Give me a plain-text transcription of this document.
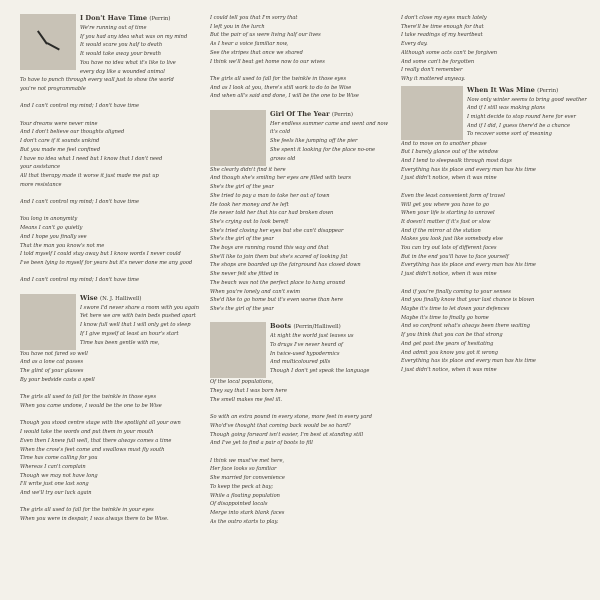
I Don't Have Time (Perrin)
We're running out of time
If you had any idea what was on my mind
It would scare you half to death
It would take away your breath
You have no idea what it's like to live
every day like a wounded animal
To have to punch through every wall just to show the world
you're not programmable

And I can't control my mind; I don't have time

Your dreams were never mine
And I don't believe our thoughts aligned
I don't care if it sounds unkind
But you made me feel confined
I have no idea what I need but I know that I don't need
your assistance
All that therapy made it worse it just made me put up
more resistance

And I can't control my mind; I don't have time

You long in anonymity
Means I can't go quietly
And I hope you finally see
That the man you know's not me
I told myself I could stay away but I know words I never could
I've been lying to myself for years but it's never done me any good

And I can't control my mind; I don't have time
Wise (N. J. Halliwell)
I swore I'd never share a room with you again
Yet here we are with twin beds pushed apart
I know full well that I will only get to sleep
If I give myself at least an hour's start
Time has been gentle with me,
You have not fared so well
And as a lone cat passes
The glint of your glasses
By your bedside casts a spell

The girls all used to fall for the twinkle in those eyes
When you came undone, I would be the one to be Wise

Though you stood centre stage with the spotlight all your own
I would take the words and put them in your mouth
Even then I knew full well, that there always comes a time
When the crow's feet come and swallows must fly south
Time has come calling for you
Whereas I can't complain
Though we may not have long
I'll write just one last song
And we'll try our luck again

The girls all used to fall for the twinkle in your eyes
When you were in despair, I was always there to be Wise.
I could tell you that I'm sorry that
I left you in the lurch
But the pair of us were living half our lives
As I hear a voice familiar now,
See the stripes that once we shared
I think we'll beat get home now to our wives

The girls all used to fall for the twinkle in those eyes
And as I look at you, there's still work to do to be Wise
And when all's said and done, I will be the one to be Wise
Girl Of The Year (Perrin)
Her endless summer came and went and now
it's cold
She feels like jumping off the pier
She spent it looking for the place no-one
grows old
She clearly didn't find it here
And though she's smiling her eyes are filled with tears
She's the girl of the year
She tried to pay a man to take her out of town
He took her money and he left
He never told her that his car had broken down
She's crying out to look bereft
She's tried closing her eyes but she can't disappear
She's the girl of the year
The boys are running round this way and that
She'll like to join them but she's scared of looking fat
The shops are boarded up the fairground has closed down
She never felt she fitted in
The beach was not the perfect place to hang around
When you're lonely and can't swim
She'd like to go home but it's even worse than here
She's the girl of the year
Boots (Perrin/Halliwell)
At night the world just leaves us
To drugs I've never heard of
In twice-used hypodermics
And multicoloured pills
Though I don't yet speak the language
Of the local populations,
They say that I was born here
The smell makes me feel ill.

So with an extra pound in every stone, more feet in every yard
Who'd've thought that coming back would be so hard?
Though going forward isn't easier, I'm best at standing still
And I've yet to find a pair of boots to fill

I think we must've met here,
Her face looks so familiar
She married for convenience
To keep the peck at bay;
While a floating population
Of disappointed locals
Merge into stark blank faces
As the outro starts to play.
I don't close my eyes much lately
There'll be time enough for that
I take readings of my heartbeat
Every day.
Although some acts can't be forgiven
And some can't be forgotten
I really don't remember
Why it mattered anyway.
When It Was Mine (Perrin)
Now only winter seems to bring good weather
And if I still was making plans
I might decide to stop round here for ever
And if I did, I guess there'd be a chance
To recover some sort of meaning
And to move on to another phase
But I barely glance out of the window
And I tend to sleepwalk through most days
Everything has its place and every man has his time
I just didn't notice, when it was mine

Even the least convenient form of travel
Will get you where you have to go
When your life is starting to unravel
It doesn't matter if it's fast or slow
And if the mirror at the station
Makes you look just like somebody else
You can try out lots of different faces
But in the end you'll have to face yourself
Everything has its place and every man has his time
I just didn't notice, when it was mine

And if you're finally coming to your senses
And you finally know that your last chance is blown
Maybe it's time to let down your defences
Maybe it's time to finally go home
And so confront what's always been there waiting
If you think that you can be that strong
And get past the years of hesitating
And admit you know you got it wrong
Everything has its place and every man has his time
I just didn't notice, when it was mine
